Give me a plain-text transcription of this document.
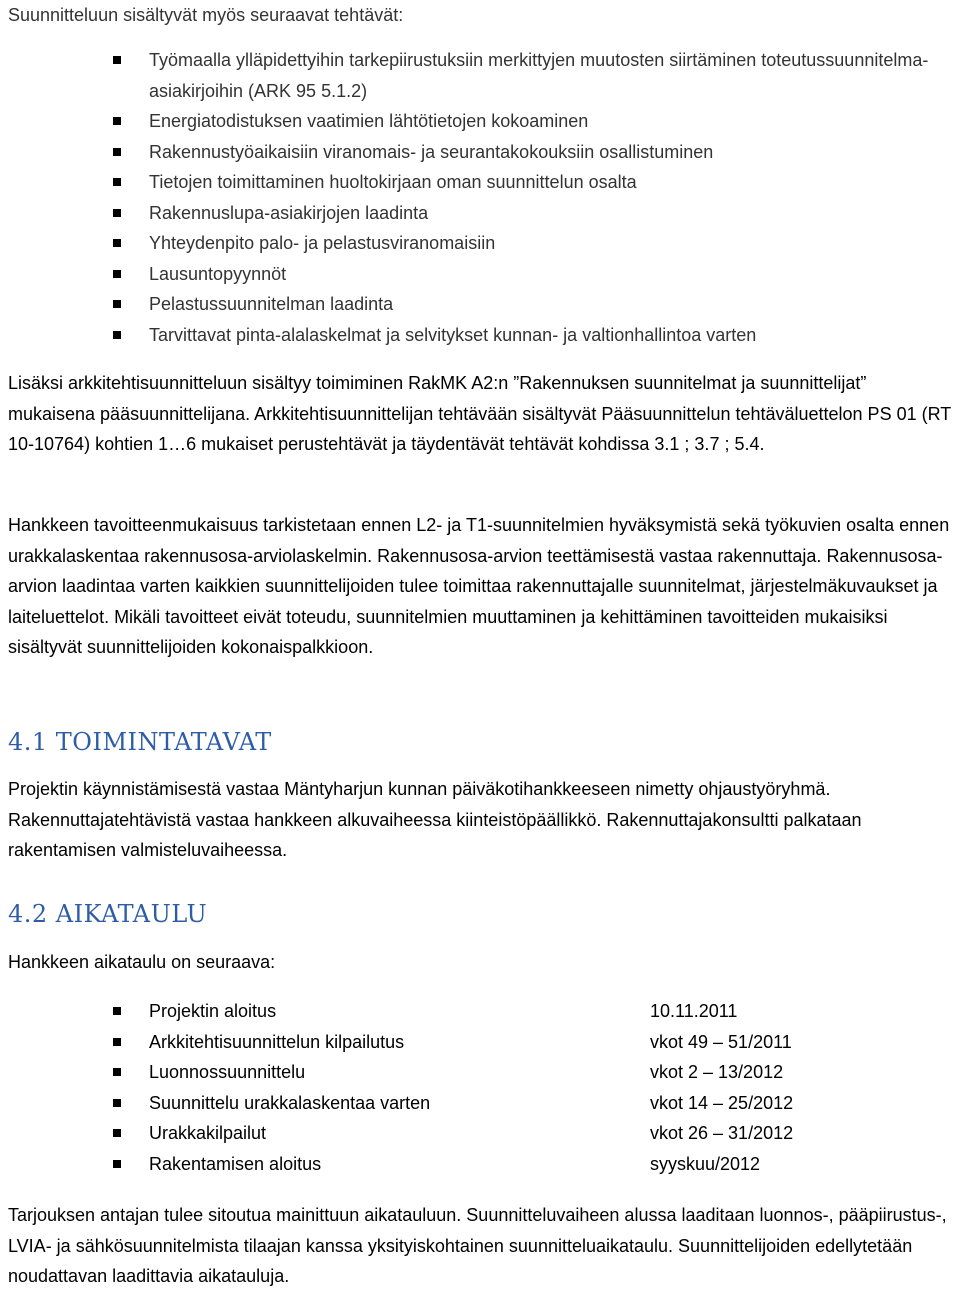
Suunnitteluun sisältyvät myös seuraavat tehtävät:

Työmaalla ylläpidettyihin tarkepiirustuksiin merkittyjen muutosten siirtäminen toteutussuunnitelma-asiakirjoihin (ARK 95 5.1.2)
Energiatodistuksen vaatimien lähtötietojen kokoaminen
Rakennustyöaikaisiin viranomais- ja seurantakokouksiin osallistuminen
Tietojen toimittaminen huoltokirjaan oman suunnittelun osalta
Rakennuslupa-asiakirjojen laadinta
Yhteydenpito palo- ja pelastusviranomaisiin
Lausuntopyynnöt
Pelastussuunnitelman laadinta
Tarvittavat pinta-alalaskelmat ja selvitykset kunnan- ja valtionhallintoa varten

Lisäksi arkkitehtisuunnitteluun sisältyy toimiminen RakMK A2:n ”Rakennuksen suunnitelmat ja suunnittelijat” mukaisena pääsuunnittelijana. Arkkitehtisuunnittelijan tehtävään sisältyvät Pääsuunnittelun tehtäväluettelon PS 01 (RT 10-10764) kohtien 1…6 mukaiset perustehtävät ja täydentävät tehtävät kohdissa 3.1 ; 3.7 ; 5.4.

Hankkeen tavoitteenmukaisuus tarkistetaan ennen L2- ja T1-suunnitelmien hyväksymistä sekä työkuvien osalta ennen urakkalaskentaa rakennusosa-arviolaskelmin. Rakennusosa-arvion teettämisestä vastaa rakennuttaja. Rakennusosa-arvion laadintaa varten kaikkien suunnittelijoiden tulee toimittaa rakennuttajalle suunnitelmat, järjestelmäkuvaukset ja laiteluettelot. Mikäli tavoitteet eivät toteudu, suunnitelmien muuttaminen ja kehittäminen tavoitteiden mukaisiksi sisältyvät suunnittelijoiden kokonaispalkkioon.

4.1 TOIMINTATAVAT

Projektin käynnistämisestä vastaa Mäntyharjun kunnan päiväkotihankkeeseen nimetty ohjaustyöryhmä. Rakennuttajatehtävistä vastaa hankkeen alkuvaiheessa kiinteistöpäällikkö. Rakennuttajakonsultti palkataan rakentamisen valmisteluvaiheessa.

4.2 AIKATAULU

Hankkeen aikataulu on seuraava:

Projektin aloitus	10.11.2011
Arkkitehtisuunnittelun kilpailutus	vkot 49 – 51/2011
Luonnossuunnittelu	vkot 2 – 13/2012
Suunnittelu urakkalaskentaa varten	vkot 14 – 25/2012
Urakkakilpailut	vkot 26 – 31/2012
Rakentamisen aloitus	syyskuu/2012

Tarjouksen antajan tulee sitoutua mainittuun aikatauluun. Suunnitteluvaiheen alussa laaditaan luonnos-, pääpiirustus-, LVIA- ja sähkösuunnitelmista tilaajan kanssa yksityiskohtainen suunnitteluaikataulu. Suunnittelijoiden edellytetään noudattavan laadittavia aikatauluja.
